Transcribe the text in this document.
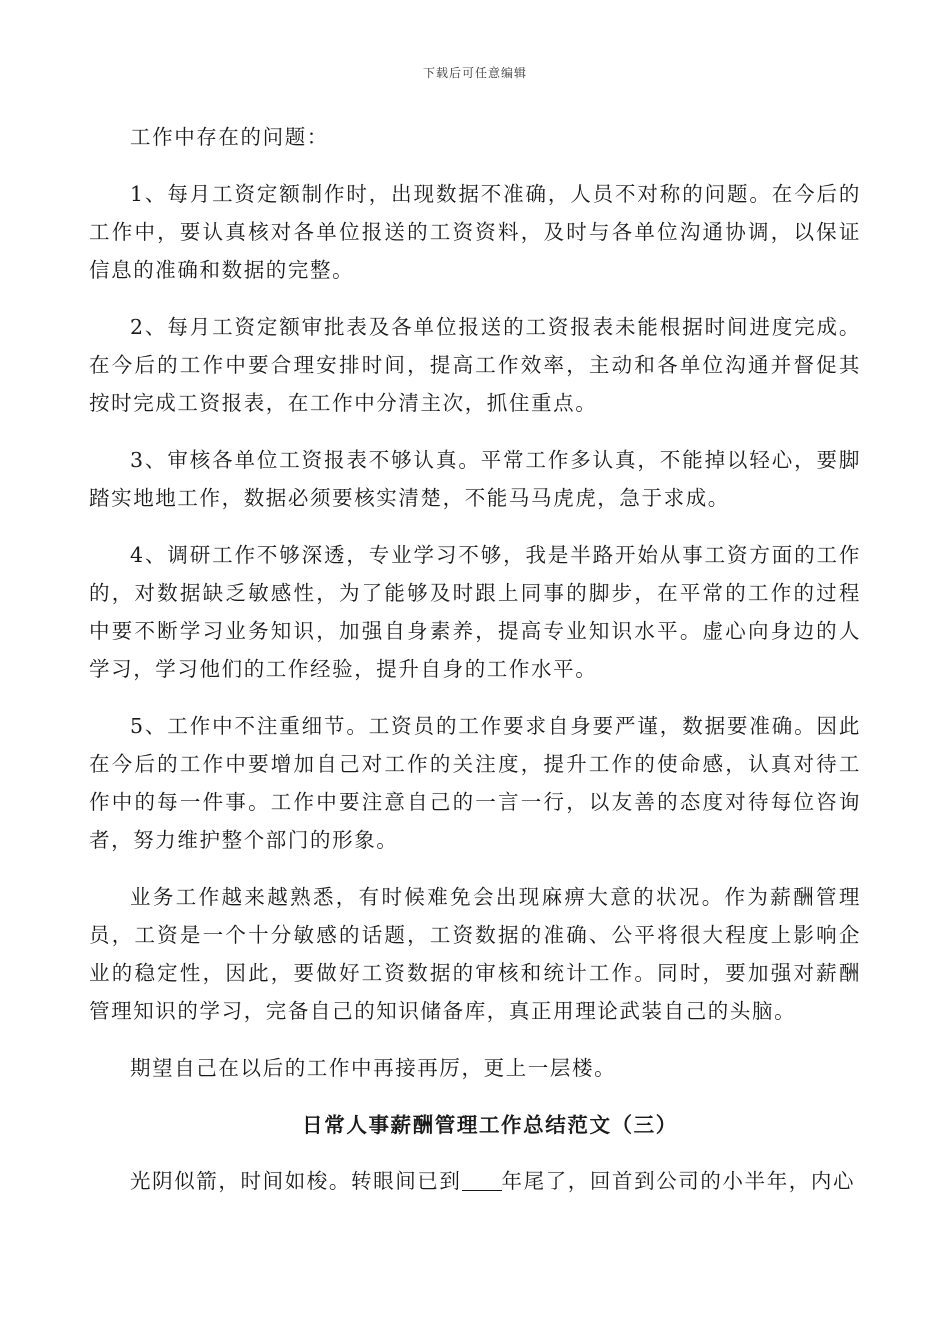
下载后可任意编辑

工作中存在的问题：

1、每月工资定额制作时，出现数据不准确，人员不对称的问题。在今后的工作中，要认真核对各单位报送的工资资料，及时与各单位沟通协调，以保证信息的准确和数据的完整。

2、每月工资定额审批表及各单位报送的工资报表未能根据时间进度完成。在今后的工作中要合理安排时间，提高工作效率，主动和各单位沟通并督促其按时完成工资报表，在工作中分清主次，抓住重点。

3、审核各单位工资报表不够认真。平常工作多认真，不能掉以轻心，要脚踏实地地工作，数据必须要核实清楚，不能马马虎虎，急于求成。

4、调研工作不够深透，专业学习不够，我是半路开始从事工资方面的工作的，对数据缺乏敏感性，为了能够及时跟上同事的脚步，在平常的工作的过程中要不断学习业务知识，加强自身素养，提高专业知识水平。虚心向身边的人学习，学习他们的工作经验，提升自身的工作水平。

5、工作中不注重细节。工资员的工作要求自身要严谨，数据要准确。因此在今后的工作中要增加自己对工作的关注度，提升工作的使命感，认真对待工作中的每一件事。工作中要注意自己的一言一行，以友善的态度对待每位咨询者，努力维护整个部门的形象。

业务工作越来越熟悉，有时候难免会出现麻痹大意的状况。作为薪酬管理员，工资是一个十分敏感的话题，工资数据的准确、公平将很大程度上影响企业的稳定性，因此，要做好工资数据的审核和统计工作。同时，要加强对薪酬管理知识的学习，完备自己的知识储备库，真正用理论武装自己的头脑。

期望自己在以后的工作中再接再厉，更上一层楼。

日常人事薪酬管理工作总结范文（三）

光阴似箭，时间如梭。转眼间已到 年尾了，回首到公司的小半年，内心
